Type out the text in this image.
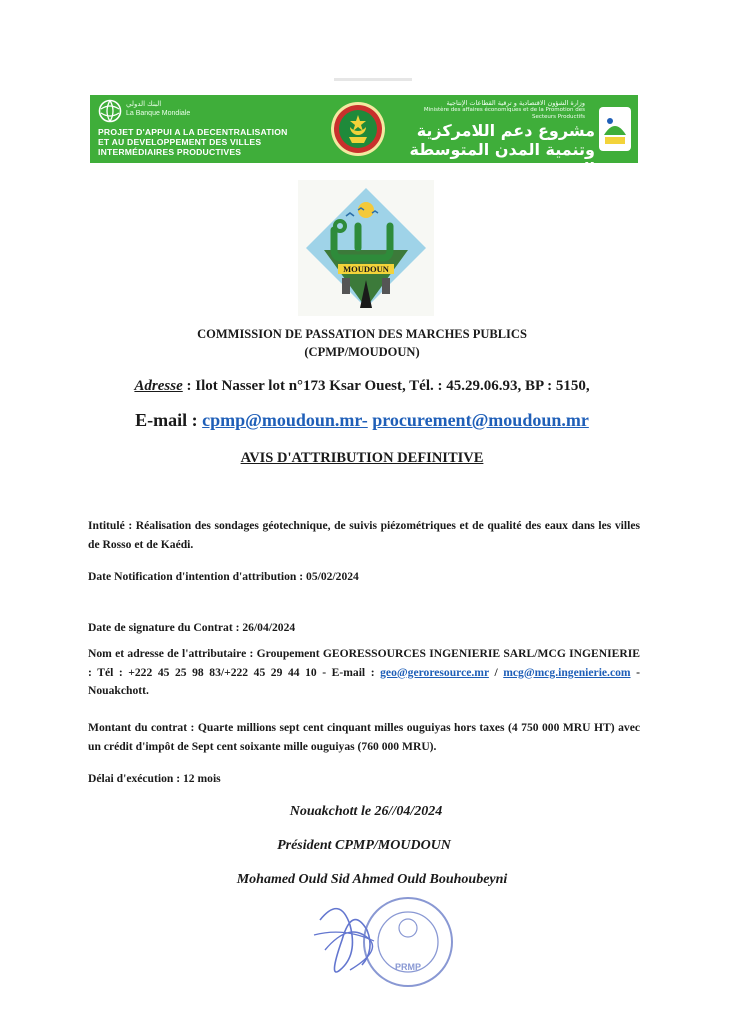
البنك الدولي
La Banque Mondiale
PROJET D'APPUI A LA DECENTRALISATION
ET AU DEVELOPPEMENT DES VILLES
INTERMÉDIAIRES PRODUCTIVES
وزارة الشؤون الاقتصادية و ترقية القطاعات الإنتاجية
Ministère des affaires économiques et de la Promotion des Secteurs Productifs
مشروع دعم اللامركزية
وتنمية المدن المتوسطة المنتجة
MOUDOUN
COMMISSION DE PASSATION DES MARCHES PUBLICS
(CPMP/MOUDOUN)
Adresse : Ilot Nasser lot n°173 Ksar Ouest, Tél. : 45.29.06.93, BP : 5150,
E-mail : cpmp@moudoun.mr- procurement@moudoun.mr
AVIS D'ATTRIBUTION DEFINITIVE
Intitulé : Réalisation des sondages géotechnique, de suivis piézométriques et de qualité des eaux dans les villes de Rosso et de Kaédi.
Date Notification d'intention d'attribution : 05/02/2024
Date de signature du Contrat : 26/04/2024
Nom et adresse de l'attributaire : Groupement GEORESSOURCES INGENIERIE SARL/MCG INGENIERIE : Tél : +222 45 25 98 83/+222 45 29 44 10 - E-mail : geo@geroresource.mr / mcg@mcg.ingenierie.com - Nouakchott.
Montant du contrat : Quarte millions sept cent cinquant milles ouguiyas hors taxes (4 750 000 MRU HT) avec un crédit d'impôt de Sept cent soixante mille ouguiyas (760 000 MRU).
Délai d'exécution : 12 mois
Nouakchott le 26//04/2024
Président CPMP/MOUDOUN
Mohamed Ould Sid Ahmed Ould Bouhoubeyni
PRMP
